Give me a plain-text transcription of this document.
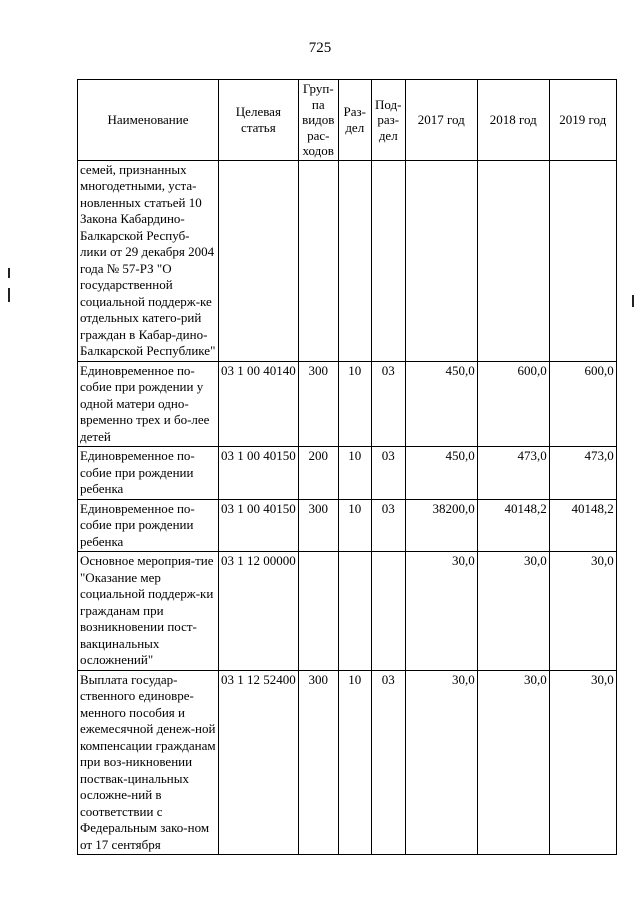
725
Наименование	Целевая статья	Груп-па видов рас-ходов	Раз-дел	Под-раз-дел	2017 год	2018 год	2019 год
семей, признанных многодетными, уста-новленных статьей 10 Закона Кабардино-Балкарской Респуб-лики от 29 декабря 2004 года № 57-РЗ "О государственной социальной поддерж-ке отдельных катего-рий граждан в Кабар-дино-Балкарской Республике"							
Единовременное по-собие при рождении у одной матери одно-временно трех и бо-лее детей	03 1 00 40140	300	10	03	450,0	600,0	600,0
Единовременное по-собие при рождении ребенка	03 1 00 40150	200	10	03	450,0	473,0	473,0
Единовременное по-собие при рождении ребенка	03 1 00 40150	300	10	03	38200,0	40148,2	40148,2
Основное мероприя-тие "Оказание мер социальной поддерж-ки гражданам при возникновении пост-вакцинальных осложнений"	03 1 12 00000				30,0	30,0	30,0
Выплата государ-ственного единовре-менного пособия и ежемесячной денеж-ной компенсации гражданам при воз-никновении поствак-цинальных осложне-ний в соответствии с Федеральным зако-ном от 17 сентября	03 1 12 52400	300	10	03	30,0	30,0	30,0
